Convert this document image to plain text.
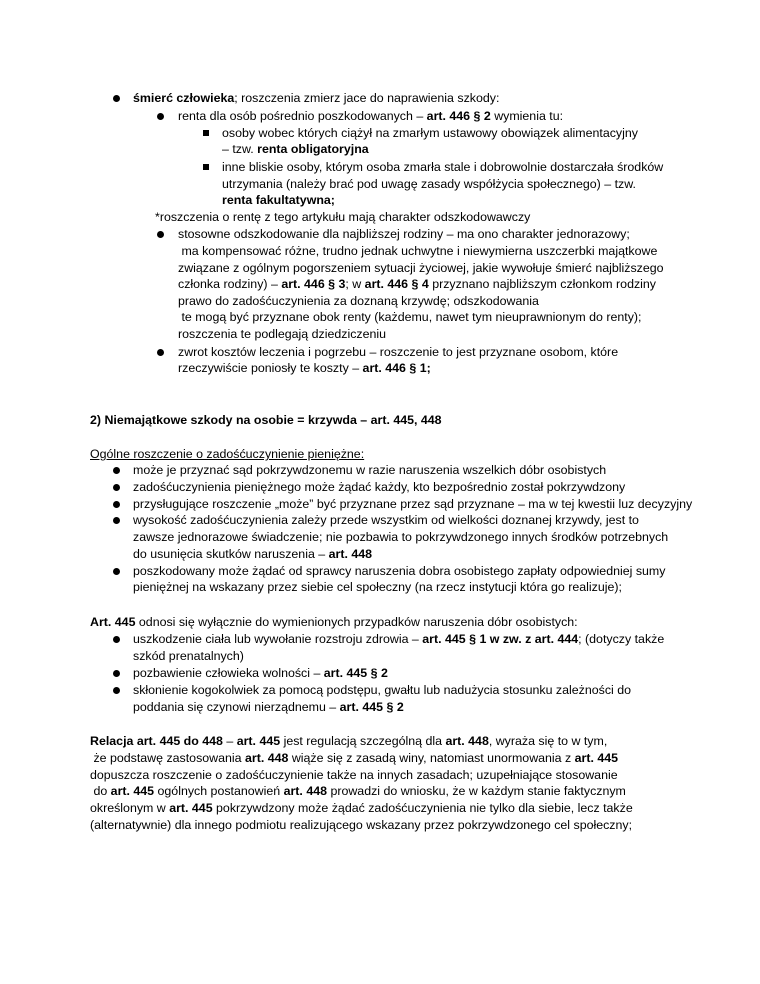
śmierć człowieka; roszczenia zmierz jace do naprawienia szkody:
renta dla osób pośrednio poszkodowanych – art. 446 § 2 wymienia tu:
osoby wobec których ciążył na zmarłym ustawowy obowiązek alimentacyjny
– tzw. renta obligatoryjna
inne bliskie osoby, którym osoba zmarła stale i dobrowolnie dostarczała środków
utrzymania (należy brać pod uwagę zasady współżycia społecznego) – tzw.
renta fakultatywna;
*roszczenia o rentę z tego artykułu mają charakter odszkodowawczy
stosowne odszkodowanie dla najbliższej rodziny – ma ono charakter jednorazowy;
ma kompensować różne, trudno jednak uchwytne i niewymierna uszczerbki majątkowe
związane z ogólnym pogorszeniem sytuacji życiowej, jakie wywołuje śmierć najbliższego
członka rodziny) – art. 446 § 3; w art. 446 § 4 przyznano najbliższym członkom rodziny
prawo do zadośćuczynienia za doznaną krzywdę; odszkodowania
te mogą być przyznane obok renty (każdemu, nawet tym nieuprawnionym do renty);
roszczenia te podlegają dziedziczeniu
zwrot kosztów leczenia i pogrzebu – roszczenie to jest przyznane osobom, które
rzeczywiście poniosły te koszty – art. 446 § 1;
2) Niemajątkowe szkody na osobie = krzywda – art. 445, 448
Ogólne roszczenie o zadośćuczynienie pieniężne:
może je przyznać sąd pokrzywdzonemu w razie naruszenia wszelkich dóbr osobistych
zadośćuczynienia pieniężnego może żądać każdy, kto bezpośrednio został pokrzywdzony
przysługujące roszczenie „może” być przyznane przez sąd przyznane – ma w tej kwestii luz decyzyjny
wysokość zadośćuczynienia zależy przede wszystkim od wielkości doznanej krzywdy, jest to
zawsze jednorazowe świadczenie; nie pozbawia to pokrzywdzonego innych środków potrzebnych
do usunięcia skutków naruszenia – art. 448
poszkodowany może żądać od sprawcy naruszenia dobra osobistego zapłaty odpowiedniej sumy
pieniężnej na wskazany przez siebie cel społeczny (na rzecz instytucji która go realizuje);
Art. 445 odnosi się wyłącznie do wymienionych przypadków naruszenia dóbr osobistych:
uszkodzenie ciała lub wywołanie rozstroju zdrowia – art. 445 § 1 w zw. z art. 444; (dotyczy także
szkód prenatalnych)
pozbawienie człowieka wolności – art. 445 § 2
skłonienie kogokolwiek za pomocą podstępu, gwałtu lub nadużycia stosunku zależności do
poddania się czynowi nierządnemu – art. 445 § 2
Relacja art. 445 do 448 – art. 445 jest regulacją szczególną dla art. 448, wyraża się to w tym,
że podstawę zastosowania art. 448 wiąże się z zasadą winy, natomiast unormowania z art. 445
dopuszcza roszczenie o zadośćuczynienie także na innych zasadach; uzupełniające stosowanie
do art. 445 ogólnych postanowień art. 448 prowadzi do wniosku, że w każdym stanie faktycznym
określonym w art. 445 pokrzywdzony może żądać zadośćuczynienia nie tylko dla siebie, lecz także
(alternatywnie) dla innego podmiotu realizującego wskazany przez pokrzywdzonego cel społeczny;
